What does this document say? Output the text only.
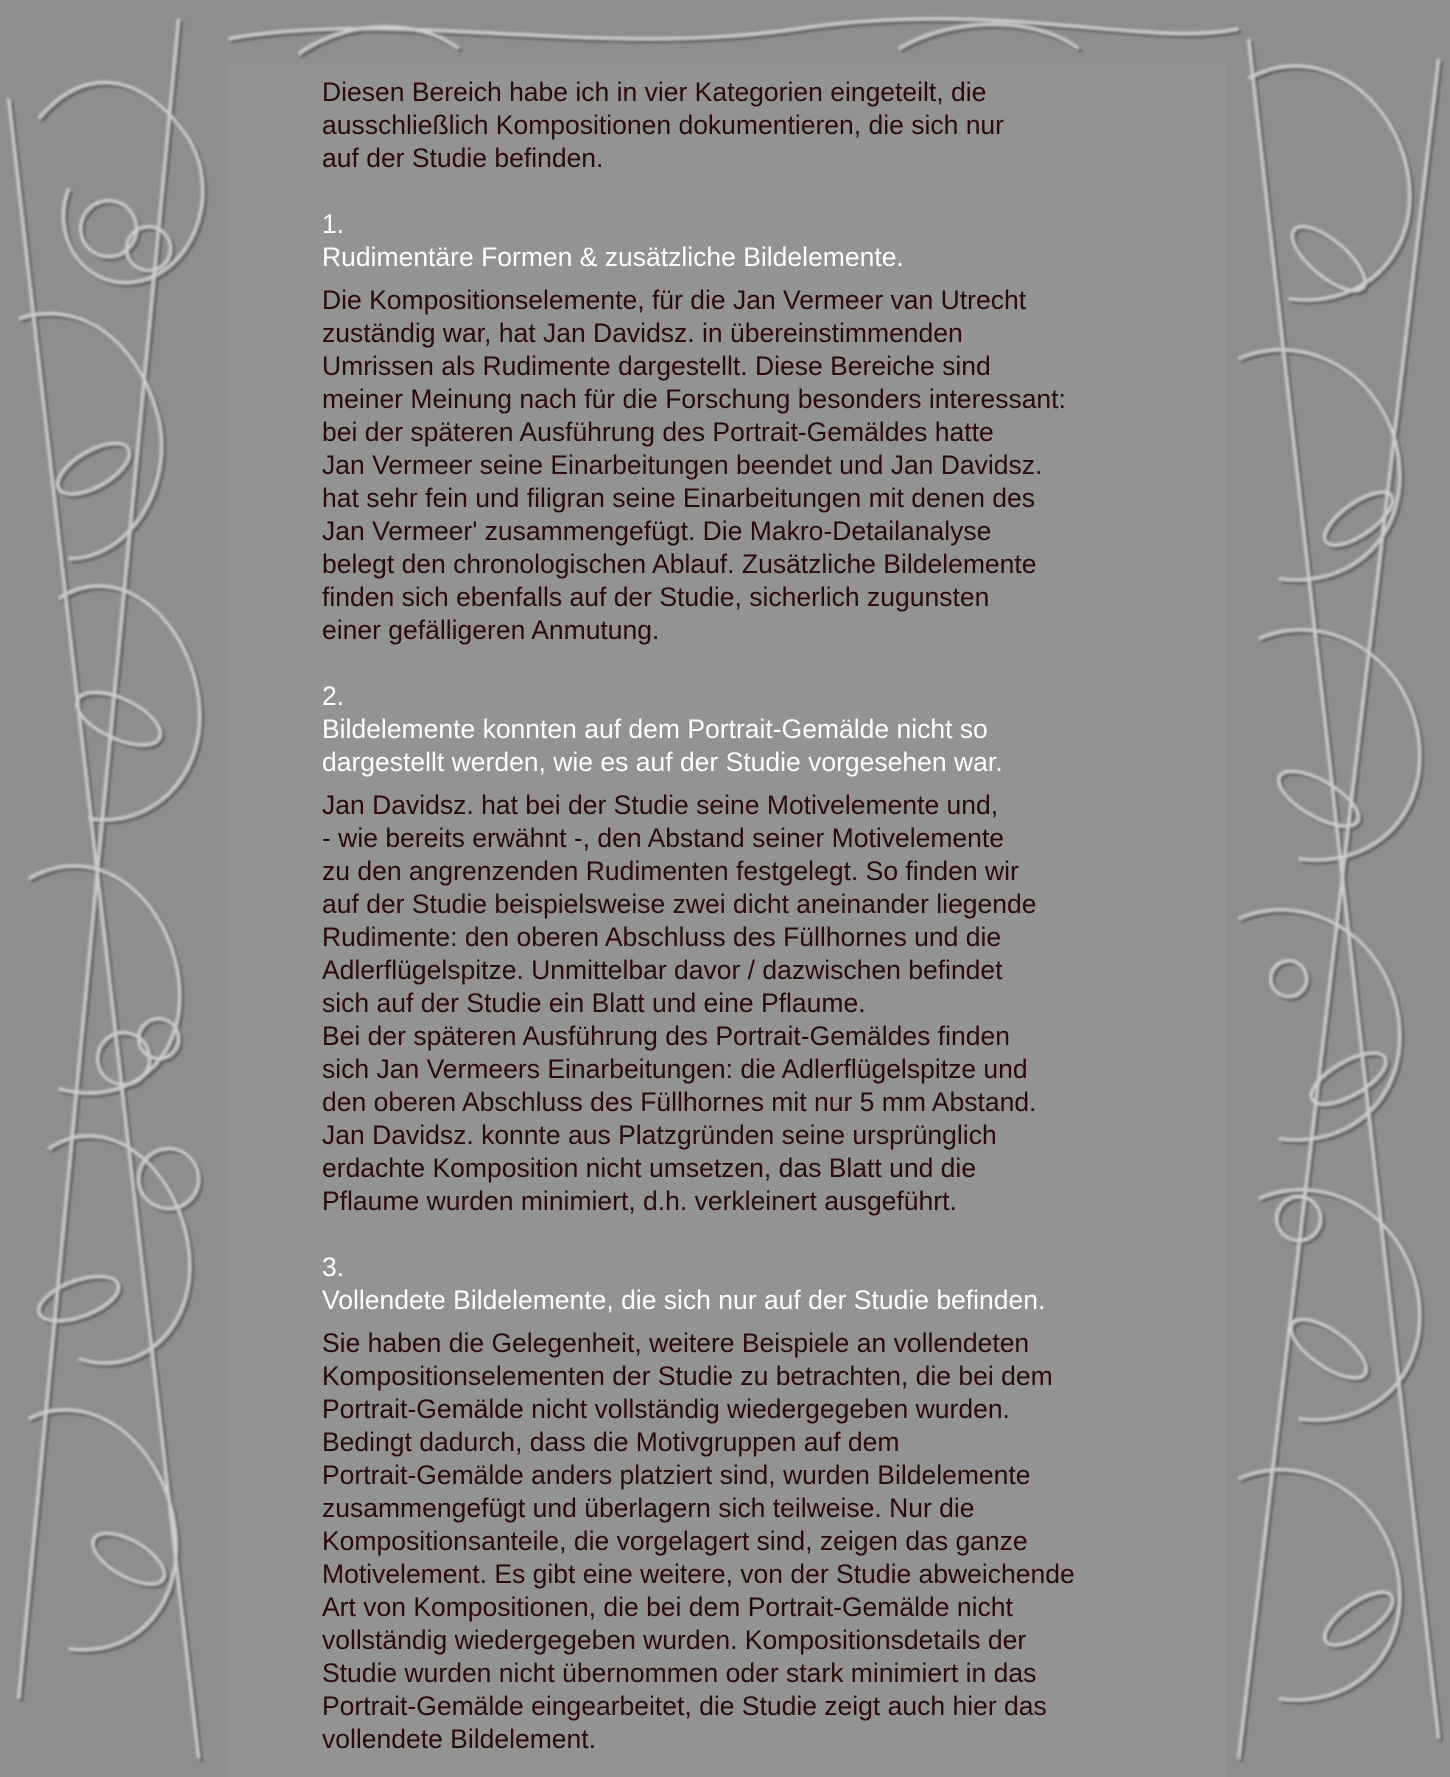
Diesen Bereich habe ich in vier Kategorien eingeteilt, die
ausschließlich Kompositionen dokumentieren, die sich nur
auf der Studie befinden.
1.
Rudimentäre Formen & zusätzliche Bildelemente.
Die Kompositionselemente, für die Jan Vermeer van Utrecht
zuständig war, hat Jan Davidsz. in übereinstimmenden
Umrissen als Rudimente dargestellt. Diese Bereiche sind
meiner Meinung nach für die Forschung besonders interessant:
bei der späteren Ausführung des Portrait-Gemäldes hatte
Jan Vermeer seine Einarbeitungen beendet und Jan Davidsz.
hat sehr fein und filigran seine Einarbeitungen mit denen des
Jan Vermeer' zusammengefügt. Die Makro-Detailanalyse
belegt den chronologischen Ablauf. Zusätzliche Bildelemente
finden sich ebenfalls auf der Studie, sicherlich zugunsten
einer gefälligeren Anmutung.
2.
Bildelemente konnten auf dem Portrait-Gemälde nicht so
dargestellt werden, wie es auf der Studie vorgesehen war.
Jan Davidsz. hat bei der Studie seine Motivelemente und,
- wie bereits erwähnt -, den Abstand seiner Motivelemente
zu den angrenzenden Rudimenten festgelegt. So finden wir
auf der Studie beispielsweise zwei dicht aneinander liegende
Rudimente: den oberen Abschluss des Füllhornes und die
Adlerflügelspitze. Unmittelbar davor / dazwischen befindet
sich auf der Studie ein Blatt und eine Pflaume.
Bei der späteren Ausführung des Portrait-Gemäldes finden
sich Jan Vermeers Einarbeitungen: die Adlerflügelspitze und
den oberen Abschluss des Füllhornes mit nur 5 mm Abstand.
Jan Davidsz. konnte aus Platzgründen seine ursprünglich
erdachte Komposition nicht umsetzen, das Blatt und die
Pflaume wurden minimiert, d.h. verkleinert ausgeführt.
3.
Vollendete Bildelemente, die sich nur auf der Studie befinden.
Sie haben die Gelegenheit, weitere Beispiele an vollendeten
Kompositionselementen der Studie zu betrachten, die bei dem
Portrait-Gemälde nicht vollständig wiedergegeben wurden.
Bedingt dadurch, dass die Motivgruppen auf dem
Portrait-Gemälde anders platziert sind, wurden Bildelemente
zusammengefügt und überlagern sich teilweise. Nur die
Kompositionsanteile, die vorgelagert sind, zeigen das ganze
Motivelement. Es gibt eine weitere, von der Studie abweichende
Art von Kompositionen, die bei dem Portrait-Gemälde nicht
vollständig wiedergegeben wurden. Kompositionsdetails der
Studie wurden nicht übernommen oder stark minimiert in das
Portrait-Gemälde eingearbeitet, die Studie zeigt auch hier das
vollendete Bildelement.
